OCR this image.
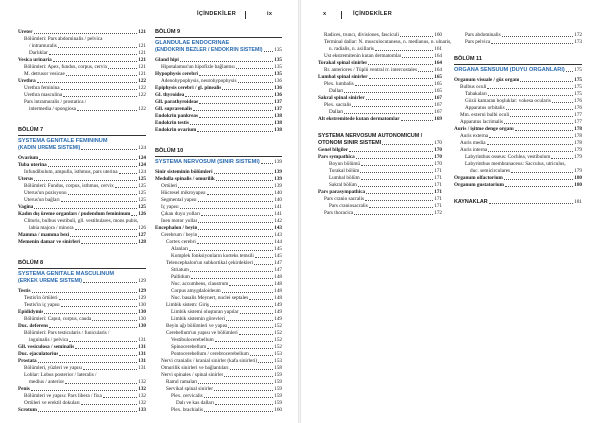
İÇİNDEKİLER	ix	x	İÇİNDEKİLER
Ureter	121
Bölümleri: Pars abdominalis / pelvica
/ intramuralis	121
Darlıklar	121
Vesica urinaria	121
Bölümleri: Apex, fundus, corpus, cervix	121
M. detrusor vesicae	121
Urethra	122
Urethra feminina	122
Urethra masculina	122
Pars intramuralis / prostatica /
intermedia / spongiosa	122
BÖLÜM 7
SYSTEMA GENITALE FEMININUM
(KADIN ÜREME SİSTEMİ)	124
Ovarium	124
Tuba uterina	124
Infundibulum, ampulla, isthmus, pars uterina	124
Uterus	125
Bölümleri: Fundus, corpus, isthmus, cervix	125
Uterus'un pozisyonu	125
Uterus'un bağları	125
Vagina	125
Kadın dış üreme organları / pudendum femininum 126
Clitoris, bulbus vestibuli, gll. vestibulares, mons pubis,
labia majora / minora	126
Mamma / mamma bezi	127
Memenin damar ve sinirleri	128
BÖLÜM 8
SYSTEMA GENITALE MASCULINUM
(ERKEK ÜREME SİSTEMİ)	129
Testis	129
Testis'in örtüleri	129
Testis'in iç yapısı	130
Epididymis	130
Bölümleri: Caput, corpus, cauda	130
Duc. deferens	130
Bölümleri: Pars testicularis / funicularis /
inguinalis / pelvica	131
Gll. vesiculosa / seminalis	131
Duc. ejaculatorius	131
Prostata	131
Bölümleri, yüzleri ve yapısı	131
Loblar: Lobus posterior / lateralis /
medius / anterior	132
Penis	132
Bölümleri ve yapısı: Pars libera / fixa	132
Örtüleri ve erektil dokuları	132
Scrotum	133
BÖLÜM 9
GLANDULAE ENDOCRINAE
(ENDOKRİN BEZLER / ENDOKRİN SİSTEMİ) 135
Gland hipi	135
Hipotalamus'un hipofizle bağlantısı	135
Hypophysis cerebri	135
Adenohypophysis, neurohypophysis	136
Epiphysis cerebri / gl. pinealis	136
Gl. thyroidea	136
Gll. parathyroideae	137
Gll. suprarenalis	137
Endokrin pankreas	138
Endokrin testis	138
Endokrin ovarium	138
BÖLÜM 10
SYSTEMA NERVOSUM (SİNİR SİSTEMİ)	139
Sinir sisteminin bölümleri	139
Medulla spinalis / omurilik	139
Örtüleri	139
Hücresel mikroyapısı	140
Segmental yapısı	140
İç yapısı	141
Çıkan duyu yolları	141
İnen motor yollar	142
Encephalon / beyin	143
Cerebrum / beyin	143
Cortex cerebri	144
Alanları	145
Komplek fonksiyonların korteks temsili	145
Telencephalon'un subkortikal çekirdekleri	147
Striatum	147
Pallidum	148
Nuc. accumbens, claustrum	148
Corpus amygdaloideum	148
Nuc. basalis Meynert, nuclei septales	148
Limbik sistem: Giriş	149
Limbik sistemi oluşturan yapılar	149
Limbik sistemin görevleri	149
Beyin ağı bölümleri ve yapısı	152
Cerebellum'un yapısı ve bölümleri	152
Vestibulocerebellum	152
Spinocerebellum	152
Pontocerebellum / cerebrocerebellum	153
Nervi cranialis / kranial sinirler (kafa sinirleri)	153
Ömurilik sinirleri ve bağlantıları	158
Nervi spinales / spinal sinirler	159
Ramıl ramaları	159
Servikal spinal sinirler	159
Plex. cervicalis	159
Dalı ve kas dalları	159
Plex. brachialis	160
Radices, truncı, divisiones, fasciculi	160
Terminal dallar: N. musculocutaneus, n. medianus, n. ulnaris,
n. radialis, n. axillaris	161
Üst ekstremitenin kutan dermatomlar	164
Torakal spinal sinirler	164
Rr. anteriores / Tüplü ventral rr. intercostales	164
Lumbal spinal sinirler	165
Plex. lumbalis	165
Dalları	165
Sakral spinal sinirler	167
Plex. sacralis	167
Dalları	167
Alt ekstremitede kutan dermatomlar	169
SYSTEMA NERVOSUM AUTONOMICUM /
OTONOM SİNİR SİSTEMİ	170
Genel bilgiler	170
Pars sympathica	170
Boyun bölümü	170
Torakal bölüm	171
Lumbal bölüm	171
Sakral bölüm	171
Pars parasympathica	171
Pars cranio sacralis	171
Pars craniosacralis	171
Pars thoracica	172
Pars abdominalis	172
Pars pelvica	173
BÖLÜM 11
ORGANA SENSUUM (DUYU ORGANLARI) 175
Organum visuale / göz organı	175
Bulbus oculi	175
Tabakaları	175
Gözü kamaran boşluklar: vokesa ocularis	176
Apparatus orbitalis	176
Mm. externi bulbi oculi	177
Apparatus lacrimalis	177
Auris / işitme denge organı	178
Auris externa	178
Auris media	178
Auris interna	179
Labyrinthus osseus: Cochlea, vestibulum	179
Labyrinthus membranaceus: Sacculus, utriculus,
duc. semicirculares	179
Organum olfactorium	180
Organum gustatorium	180
KAYNAKLAR	181
